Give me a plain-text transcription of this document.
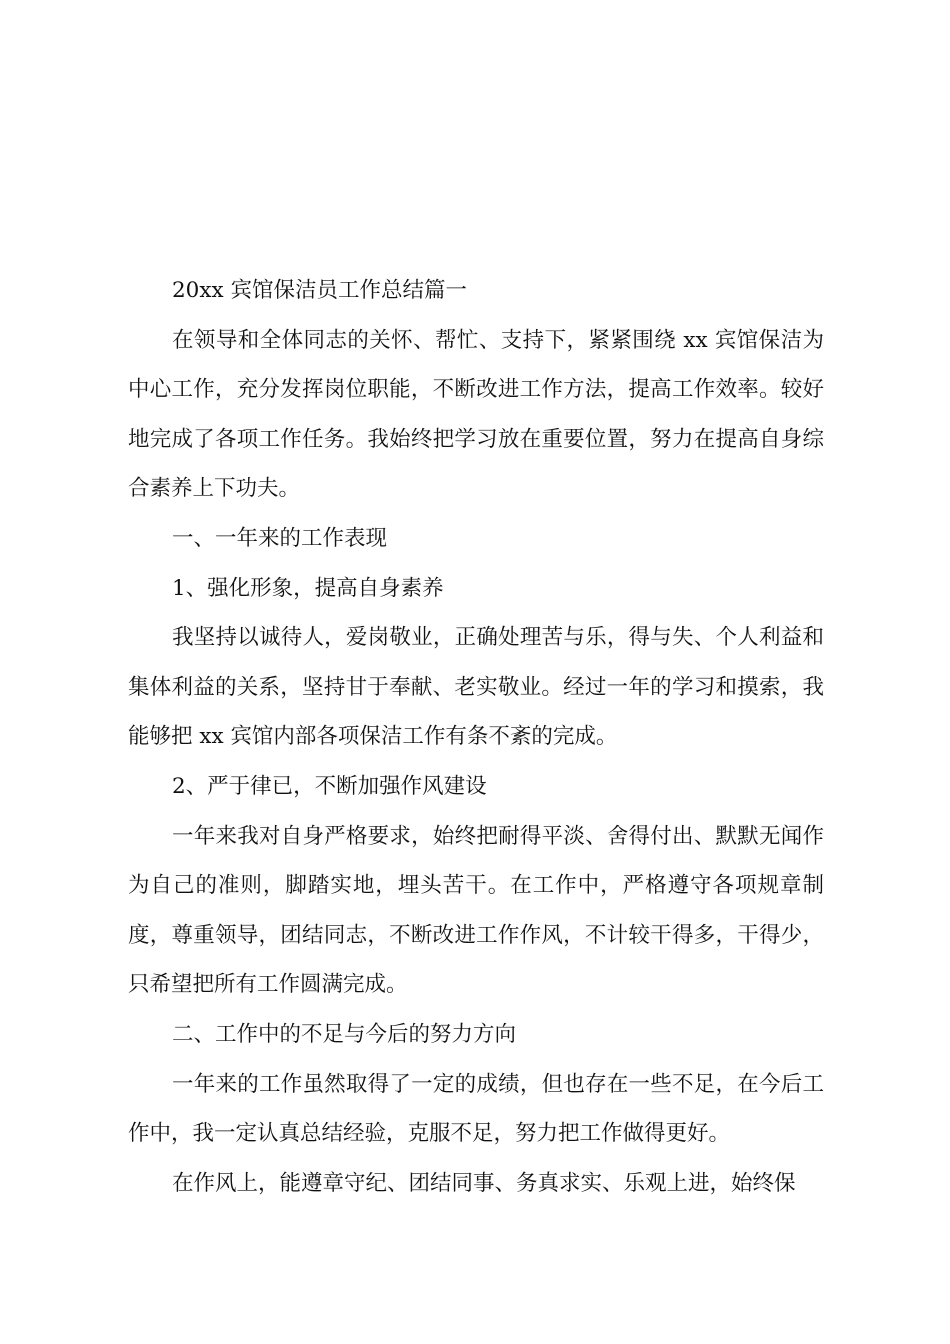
20xx 宾馆保洁员工作总结篇一

在领导和全体同志的关怀、帮忙、支持下，紧紧围绕 xx 宾馆保洁为中心工作，充分发挥岗位职能，不断改进工作方法，提高工作效率。较好地完成了各项工作任务。我始终把学习放在重要位置，努力在提高自身综合素养上下功夫。

一、一年来的工作表现

1、强化形象，提高自身素养

我坚持以诚待人，爱岗敬业，正确处理苦与乐，得与失、个人利益和集体利益的关系，坚持甘于奉献、老实敬业。经过一年的学习和摸索，我能够把 xx 宾馆内部各项保洁工作有条不紊的完成。

2、严于律已，不断加强作风建设

一年来我对自身严格要求，始终把耐得平淡、舍得付出、默默无闻作为自己的准则，脚踏实地，埋头苦干。在工作中，严格遵守各项规章制度，尊重领导，团结同志，不断改进工作作风，不计较干得多，干得少，只希望把所有工作圆满完成。

二、工作中的不足与今后的努力方向

一年来的工作虽然取得了一定的成绩，但也存在一些不足，在今后工作中，我一定认真总结经验，克服不足，努力把工作做得更好。

在作风上，能遵章守纪、团结同事、务真求实、乐观上进，始终保
